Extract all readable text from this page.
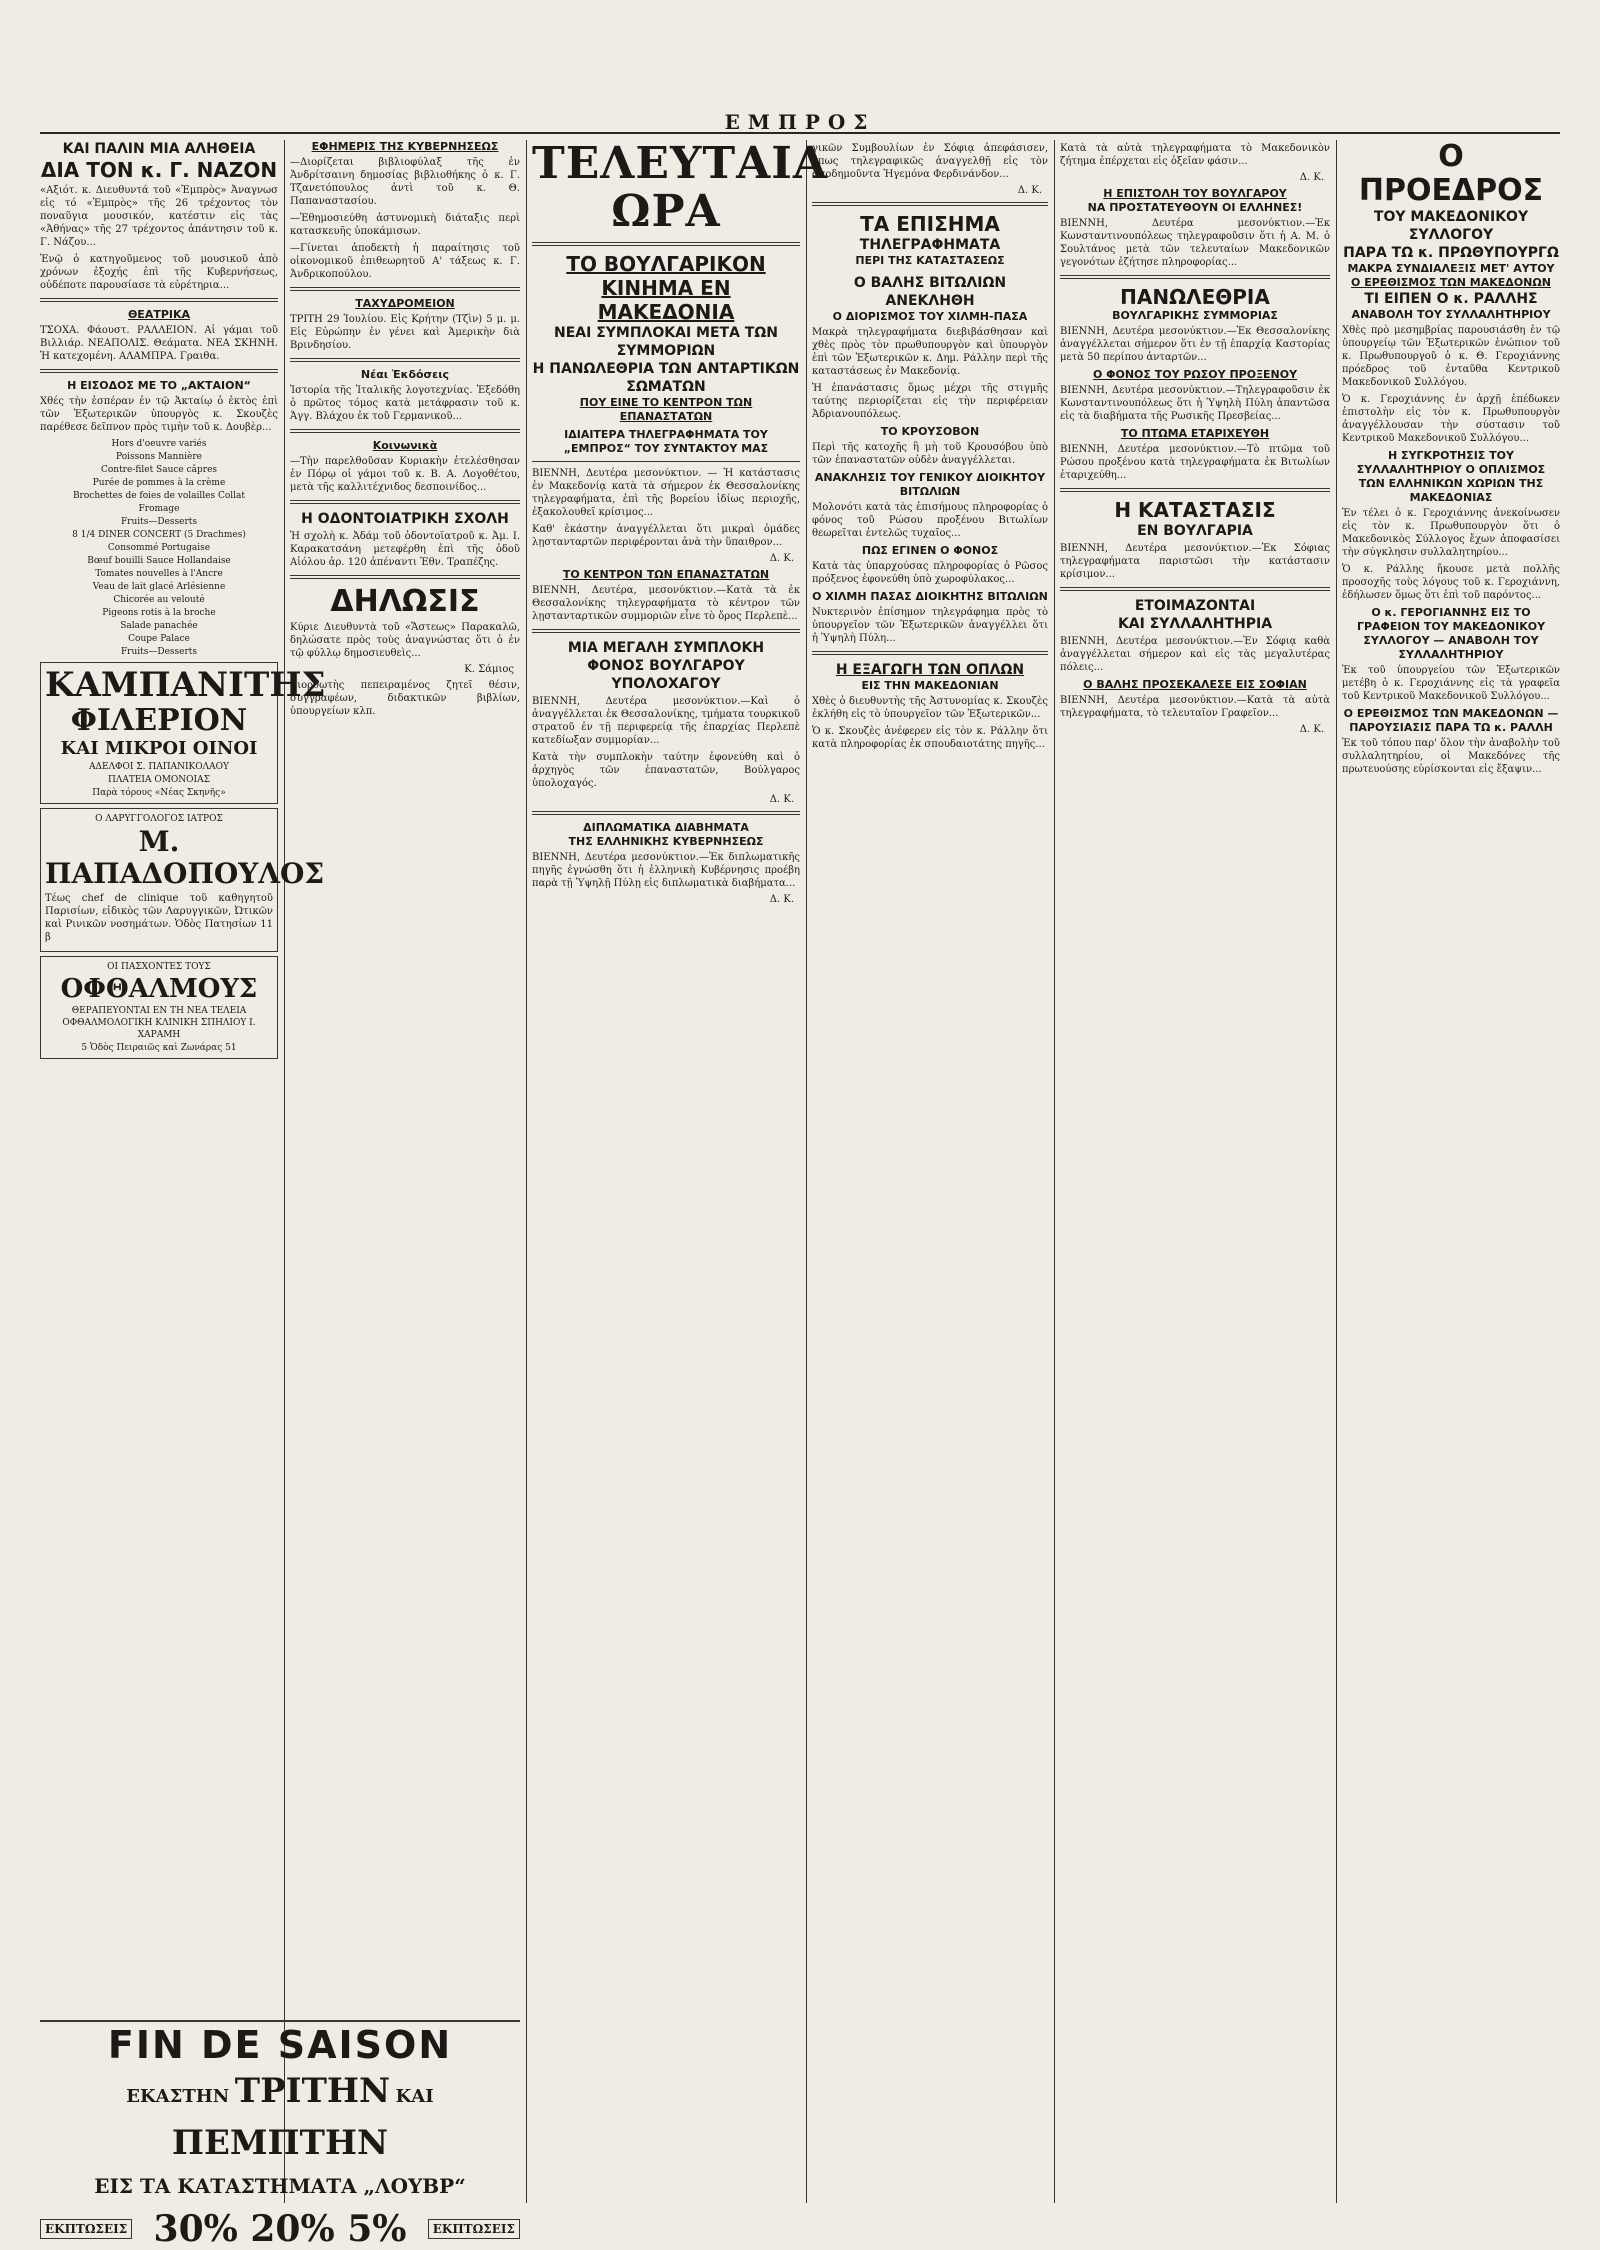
ΕΜΠΡΟΣ
ΚΑΙ ΠΑΛΙΝ ΜΙΑ ΑΛΗΘΕΙΑ
ΔΙΑ ΤΟΝ κ. Γ. ΝΑΖΟΝ

«Αξιότ. κ. Διευθυντά τοῦ «Ἐμπρὸς» Ἀναγνωσ εἰς τό «Ἐμπρὸς» τῆς 26 τρέχοντος τὸν ποναῦγια μουσικόν, κατέστιν εἰς τὰς «Ἀθήνας» τῆς 27 τρέχοντος ἀπάντησιν τοῦ κ. Γ. Νάζου...

Ἐνῷ ὁ κατηγοῦμενος τοῦ μουσικοῦ ἀπὸ χρόνων ἐξοχής ἐπὶ τῆς Κυβερνήσεως, οὐδέποτε παρουσίασε τὰ εὐρέτηρια...

ΘΕΑΤΡΙΚΑ

ΤΣΟΧΑ. Φάουστ. ΡΑΛΛΕΙΟΝ. Αἱ γάμαι τοῦ Βιλλιάρ. ΝΕΑΠΟΛΙΣ. Θεάματα. ΝΕΑ ΣΚΗΝΗ. Ἡ κατεχομένη. ΑΛΑΜΠΡΑ. Γραιθα.

Η ΕΙΣΟΔΟΣ ΜΕ ΤΟ „ΑΚΤΑΙΟΝ“

Χθές τὴν ἑσπέραν ἐν τῷ Ἀκταίῳ ὁ ἐκτὸς ἐπὶ τῶν Ἐξωτερικῶν ὑπουργὸς κ. Σκουζὲς παρέθεσε δεῖπνον πρὸς τιμὴν τοῦ κ. Δουβὲρ...

Hors d'oeuvre variés
Poissons Mannière
Contre-filet Sauce câpres
Purée de pommes à la crème
Brochettes de foies de volailles Collat
Fromage
Fruits—Desserts
8 1/4 DINER CONCERT (5 Drachmes)
Consommé Portugaise
Bœuf bouilli Sauce Hollandaise
Tomates nouvelles à l'Ancre
Veau de lait glacé Arlésienne
Chicorée au velouté
Pigeons rotis à la broche
Salade panachée
Coupe Palace
Fruits—Desserts
ΚΑΜΠΑΝΙΤΗΣ
ΦΙΛΕΡΙΟΝ
ΚΑΙ ΜΙΚΡΟΙ ΟΙΝΟΙ
ΑΔΕΛΦΟΙ Σ. ΠΑΠΑΝΙΚΟΛΑΟΥ
ΠΛΑΤΕΙΑ ΟΜΟΝΟΙΑΣ
Παρὰ τόρους «Νέας Σκηνῆς»
Ο ΛΑΡΥΓΓΟΛΟΓΟΣ ΙΑΤΡΟΣ
Μ. ΠΑΠΑΔΟΠΟΥΛΟΣ

Τέως chef de clinique τοῦ καθηγητοῦ Παρισίων, εἰδικὸς τῶν Λαρυγγικῶν, Ὠτικῶν καὶ Ρινικῶν νοσημάτων. Ὁδὸς Πατησίων 11 β

ΟΙ ΠΑΣΧΟΝΤΕΣ ΤΟΥΣ
ΟΦΘΑΛΜΟΥΣ
ΘΕΡΑΠΕΥΟΝΤΑΙ ΕΝ ΤΗ ΝΕΑ ΤΕΛΕΙΑ ΟΦΘΑΛΜΟΛΟΓΙΚΗ ΚΛΙΝΙΚΗ ΣΠΗΛΙΟΥ Ι. ΧΑΡΑΜΗ
5 Ὁδὸς Πειραιῶς καὶ Ζωνάρας 51
ΕΦΗΜΕΡΙΣ ΤΗΣ ΚΥΒΕΡΝΗΣΕΩΣ

—Διορίζεται βιβλιοφύλαξ τῆς ἐν Ἀνδρίτσαινη δημοσίας βιβλιοθήκης ὁ κ. Γ. Τζανετόπουλος ἀντὶ τοῦ κ. Θ. Παπαναστασίου.

—Ἐθημοσιεύθη ἀστυνομικὴ διάταξις περὶ κατασκευῆς ὑποκάμισων.

—Γίνεται ἀποδεκτὴ ἡ παραίτησις τοῦ οἰκονομικοῦ ἐπιθεωρητοῦ Α' τάξεως κ. Γ. Ἀνδρικοπούλου.

ΤΑΧΥΔΡΟΜΕΙΟΝ

ΤΡΙΤΗ 29 Ἰουλίου. Εἰς Κρήτην (Τζὶν) 5 μ. μ. Εἰς Εὐρώπην ἐν γένει καὶ Ἀμερικὴν διὰ Βρινδησίου.

Νέαι Ἐκδόσεις

Ἱστορία τῆς Ἰταλικῆς λογοτεχνίας. Ἐξεδόθη ὁ πρῶτος τόμος κατὰ μετάφρασιν τοῦ κ. Ἀγγ. Βλάχου ἐκ τοῦ Γερμανικοῦ...

Κοινωνικὰ

—Τὴν παρελθοῦσαν Κυριακὴν ἐτελέσθησαν ἐν Πόρῳ οἱ γάμοι τοῦ κ. Β. Α. Λογοθέτου, μετὰ τῆς καλλιτέχνιδος δεσποινίδος...

Η ΟΔΟΝΤΟΙΑΤΡΙΚΗ ΣΧΟΛΗ

Ἡ σχολὴ κ. Ἀδάμ τοῦ ὀδοντοϊατροῦ κ. Ἀμ. Ι. Καρακατσάνη μετεφέρθη ἐπὶ τῆς ὁδοῦ Αἰόλου ἀρ. 120 ἀπέναντι Ἐθν. Τραπέζης.

ΔΗΛΩΣΙΣ

Κύριε Διευθυντὰ τοῦ «Ἄστεως» Παρακαλῶ, δηλώσατε πρὸς τοὺς ἀναγνώστας ὅτι ὁ ἐν τῷ φύλλῳ δημοσιευθεὶς...

Κ. Σάμιος

Διορθωτὴς πεπειραμένος ζητεῖ θέσιν, συγγραφέων, διδακτικῶν βιβλίων, ὑπουργείων κλπ.

FIN DE SAISON
ΕΚΑΣΤΗΝ ΤΡΙΤΗΝ ΚΑΙ ΠΕΜΠΤΗΝ
ΕΙΣ ΤΑ ΚΑΤΑΣΤΗΜΑΤΑ „ΛΟΥΒΡ“
ΕΚΠΤΩΣΕΙΣ 30% 20% 5%	ΕΚΠΤΩΣΕΙΣ
ΤΕΛΕΥΤΑΙΑ ΩΡΑ
ΤΟ ΒΟΥΛΓΑΡΙΚΟΝ ΚΙΝΗΜΑ ΕΝ ΜΑΚΕΔΟΝΙΑ
ΝΕΑΙ ΣΥΜΠΛΟΚΑΙ ΜΕΤΑ ΤΩΝ ΣΥΜΜΟΡΙΩΝ
Η ΠΑΝΩΛΕΘΡΙΑ ΤΩΝ ΑΝΤΑΡΤΙΚΩΝ ΣΩΜΑΤΩΝ
ΠΟΥ ΕΙΝΕ ΤΟ ΚΕΝΤΡΟΝ ΤΩΝ ΕΠΑΝΑΣΤΑΤΩΝ
ΙΔΙΑΙΤΕΡΑ ΤΗΛΕΓΡΑΦΗΜΑΤΑ ΤΟΥ „ΕΜΠΡΟΣ“ ΤΟΥ ΣΥΝΤΑΚΤΟΥ ΜΑΣ

ΒΙΕΝΝΗ, Δευτέρα μεσονύκτιον. — Ἡ κατάστασις ἐν Μακεδονίᾳ κατὰ τὰ σήμερον ἐκ Θεσσαλονίκης τηλεγραφήματα, ἐπὶ τῆς βορείου ἰδίως περιοχῆς, ἐξακολουθεῖ κρίσιμος...

Καθ' ἑκάστην ἀναγγέλλεται ὅτι μικραὶ ὁμάδες λῃστανταρτῶν περιφέρονται ἀνὰ τὴν ὕπαιθρον...

Δ. Κ.
ΤΟ ΚΕΝΤΡΟΝ ΤΩΝ ΕΠΑΝΑΣΤΑΤΩΝ

ΒΙΕΝΝΗ, Δευτέρα, μεσονύκτιον.—Κατὰ τὰ ἐκ Θεσσαλονίκης τηλεγραφήματα τὸ κέντρον τῶν λῃστανταρτικῶν συμμοριῶν εἶνε τὸ ὄρος Περλεπὲ...

ΜΙΑ ΜΕΓΑΛΗ ΣΥΜΠΛΟΚΗ
ΦΟΝΟΣ ΒΟΥΛΓΑΡΟΥ ΥΠΟΛΟΧΑΓΟΥ

ΒΙΕΝΝΗ, Δευτέρα μεσονύκτιον.—Καὶ ὁ ἀναγγέλλεται ἐκ Θεσσαλονίκης, τμήματα τουρκικοῦ στρατοῦ ἐν τῇ περιφερείᾳ τῆς ἐπαρχίας Περλεπὲ κατεδίωξαν συμμορίαν...

Κατὰ τὴν συμπλοκὴν ταύτην ἐφονεύθη καὶ ὁ ἀρχηγὸς τῶν ἐπαναστατῶν, Βούλγαρος ὑπολοχαγός.

Δ. Κ.
ΔΙΠΛΩΜΑΤΙΚΑ ΔΙΑΒΗΜΑΤΑ
ΤΗΣ ΕΛΛΗΝΙΚΗΣ ΚΥΒΕΡΝΗΣΕΩΣ

ΒΙΕΝΝΗ, Δευτέρα μεσονύκτιον.—Ἐκ διπλωματικῆς πηγῆς ἐγνώσθη ὅτι ἡ ἑλληνικὴ Κυβέρνησις προέβη παρὰ τῇ Ὑψηλῇ Πύλῃ εἰς διπλωματικὰ διαβήματα...

Δ. Κ.

γικῶν Συμβουλίων ἐν Σόφιᾳ ἀπεφάσισεν, ὅπως τηλεγραφικῶς ἀναγγελθῇ εἰς τὸν ἀποδημοῦντα Ἡγεμόνα Φερδινάνδον...

Δ. Κ.
ΤΑ ΕΠΙΣΗΜΑ
ΤΗΛΕΓΡΑΦΗΜΑΤΑ
ΠΕΡΙ ΤΗΣ ΚΑΤΑΣΤΑΣΕΩΣ
Ο ΒΑΛΗΣ ΒΙΤΩΛΙΩΝ ΑΝΕΚΛΗΘΗ
Ο ΔΙΟΡΙΣΜΟΣ ΤΟΥ ΧΙΛΜΗ-ΠΑΣΑ

Μακρὰ τηλεγραφήματα διεβιβάσθησαν καὶ χθὲς πρὸς τὸν πρωθυπουργὸν καὶ ὑπουργὸν ἐπὶ τῶν Ἐξωτερικῶν κ. Δημ. Ράλλην περὶ τῆς καταστάσεως ἐν Μακεδονίᾳ.

Ἡ ἐπανάστασις ὅμως μέχρι τῆς στιγμῆς ταύτης περιορίζεται εἰς τὴν περιφέρειαν Ἀδριανουπόλεως.

ΤΟ ΚΡΟΥΣΟΒΟΝ

Περὶ τῆς κατοχῆς ἢ μὴ τοῦ Κρουσόβου ὑπὸ τῶν ἐπαναστατῶν οὐδὲν ἀναγγέλλεται.

ΑΝΑΚΛΗΣΙΣ ΤΟΥ ΓΕΝΙΚΟΥ ΔΙΟΙΚΗΤΟΥ ΒΙΤΩΛΙΩΝ

Μολονότι κατὰ τὰς ἐπισήμους πληροφορίας ὁ φόνος τοῦ Ρώσου προξένου Βιτωλίων θεωρεῖται ἐντελῶς τυχαῖος...

ΠΩΣ ΕΓΙΝΕΝ Ο ΦΟΝΟΣ

Κατὰ τὰς ὑπαρχούσας πληροφορίας ὁ Ρῶσος πρόξενος ἐφονεύθη ὑπὸ χωροφύλακος...

Ο ΧΙΛΜΗ ΠΑΣΑΣ ΔΙΟΙΚΗΤΗΣ ΒΙΤΩΛΙΩΝ

Νυκτερινὸν ἐπίσημον τηλεγράφημα πρὸς τὸ ὑπουργεῖον τῶν Ἐξωτερικῶν ἀναγγέλλει ὅτι ἡ Ὑψηλὴ Πύλη...

Η ΕΞΑΓΩΓΗ ΤΩΝ ΟΠΛΩΝ
ΕΙΣ ΤΗΝ ΜΑΚΕΔΟΝΙΑΝ

Χθὲς ὁ διευθυντὴς τῆς Ἀστυνομίας κ. Σκουζὲς ἐκλήθη εἰς τὸ ὑπουργεῖον τῶν Ἐξωτερικῶν...

Ὁ κ. Σκουζὲς ἀνέφερεν εἰς τὸν κ. Ράλλην ὅτι κατὰ πληροφορίας ἐκ σπουδαιοτάτης πηγῆς...

Κατὰ τὰ αὐτὰ τηλεγραφήματα τὸ Μακεδονικὸν ζήτημα ἐπέρχεται εἰς ὀξεῖαν φάσιν...

Δ. Κ.
Η ΕΠΙΣΤΟΛΗ ΤΟΥ ΒΟΥΛΓΑΡΟΥ
ΝΑ ΠΡΟΣΤΑΤΕΥΘΟΥΝ ΟΙ ΕΛΛΗΝΕΣ!

ΒΙΕΝΝΗ, Δευτέρα μεσονύκτιον.—Ἐκ Κωνσταντινουπόλεως τηλεγραφοῦσιν ὅτι ἡ Α. Μ. ὁ Σουλτάνος μετὰ τῶν τελευταίων Μακεδονικῶν γεγονότων ἐζήτησε πληροφορίας...

ΠΑΝΩΛΕΘΡΙΑ
ΒΟΥΛΓΑΡΙΚΗΣ ΣΥΜΜΟΡΙΑΣ

ΒΙΕΝΝΗ, Δευτέρα μεσονύκτιον.—Ἐκ Θεσσαλονίκης ἀναγγέλλεται σήμερον ὅτι ἐν τῇ ἐπαρχίᾳ Καστορίας μετὰ 50 περίπου ἀνταρτῶν...

Ο ΦΟΝΟΣ ΤΟΥ ΡΩΣΟΥ ΠΡΟΞΕΝΟΥ

ΒΙΕΝΝΗ, Δευτέρα μεσονύκτιον.—Τηλεγραφοῦσιν ἐκ Κωνσταντινουπόλεως ὅτι ἡ Ὑψηλὴ Πύλη ἀπαντῶσα εἰς τὰ διαβήματα τῆς Ρωσικῆς Πρεσβείας...

ΤΟ ΠΤΩΜΑ ΕΤΑΡΙΧΕΥΘΗ

ΒΙΕΝΝΗ, Δευτέρα μεσονύκτιον.—Τὸ πτῶμα τοῦ Ρώσου προξένου κατὰ τηλεγραφήματα ἐκ Βιτωλίων ἐταριχεύθη...

Η ΚΑΤΑΣΤΑΣΙΣ
ΕΝ ΒΟΥΛΓΑΡΙΑ

ΒΙΕΝΝΗ, Δευτέρα μεσονύκτιον.—Ἐκ Σόφιας τηλεγραφήματα παριστῶσι τὴν κατάστασιν κρίσιμον...

ΕΤΟΙΜΑΖΟΝΤΑΙ
ΚΑΙ ΣΥΛΛΑΛΗΤΗΡΙΑ

ΒΙΕΝΝΗ, Δευτέρα μεσονύκτιον.—Ἐν Σόφιᾳ καθὰ ἀναγγέλλεται σήμερον καὶ εἰς τὰς μεγαλυτέρας πόλεις...

Ο ΒΑΛΗΣ ΠΡΟΣΕΚΑΛΕΣΕ ΕΙΣ ΣΟΦΙΑΝ

ΒΙΕΝΝΗ, Δευτέρα μεσονύκτιον.—Κατὰ τὰ αὐτὰ τηλεγραφήματα, τὸ τελευταῖον Γραφεῖον...

Δ. Κ.
Ο ΠΡΟΕΔΡΟΣ
ΤΟΥ ΜΑΚΕΔΟΝΙΚΟΥ ΣΥΛΛΟΓΟΥ
ΠΑΡΑ ΤΩ κ. ΠΡΩΘΥΠΟΥΡΓΩ
ΜΑΚΡΑ ΣΥΝΔΙΑΛΕΞΙΣ ΜΕΤ' ΑΥΤΟΥ
Ο ΕΡΕΘΙΣΜΟΣ ΤΩΝ ΜΑΚΕΔΟΝΩΝ
ΤΙ ΕΙΠΕΝ Ο κ. ΡΑΛΛΗΣ
ΑΝΑΒΟΛΗ ΤΟΥ ΣΥΛΛΑΛΗΤΗΡΙΟΥ

Χθὲς πρὸ μεσημβρίας παρουσιάσθη ἐν τῷ ὑπουργείῳ τῶν Ἐξωτερικῶν ἐνώπιον τοῦ κ. Πρωθυπουργοῦ ὁ κ. Θ. Γεροχιάννης πρόεδρος τοῦ ἐνταῦθα Κεντρικοῦ Μακεδονικοῦ Συλλόγου.

Ὁ κ. Γεροχιάννης ἐν ἀρχῇ ἐπέδωκεν ἐπιστολὴν εἰς τὸν κ. Πρωθυπουργὸν ἀναγγέλλουσαν τὴν σύστασιν τοῦ Κεντρικοῦ Μακεδονικοῦ Συλλόγου...

Η ΣΥΓΚΡΟΤΗΣΙΣ ΤΟΥ ΣΥΛΛΑΛΗΤΗΡΙΟΥ Ο ΟΠΛΙΣΜΟΣ ΤΩΝ ΕΛΛΗΝΙΚΩΝ ΧΩΡΙΩΝ ΤΗΣ ΜΑΚΕΔΟΝΙΑΣ

Ἐν τέλει ὁ κ. Γεροχιάννης ἀνεκοίνωσεν εἰς τὸν κ. Πρωθυπουργὸν ὅτι ὁ Μακεδονικὸς Σύλλογος ἔχων ἀποφασίσει τὴν σύγκλησιν συλλαλητηρίου...

Ὁ κ. Ράλλης ἤκουσε μετὰ πολλῆς προσοχῆς τοὺς λόγους τοῦ κ. Γεροχιάννη, ἐδήλωσεν ὅμως ὅτι ἐπὶ τοῦ παρόντος...

Ο κ. ΓΕΡΟΓΙΑΝΝΗΣ ΕΙΣ ΤΟ ΓΡΑΦΕΙΟΝ ΤΟΥ ΜΑΚΕΔΟΝΙΚΟΥ ΣΥΛΛΟΓΟΥ — ΑΝΑΒΟΛΗ ΤΟΥ ΣΥΛΛΑΛΗΤΗΡΙΟΥ

Ἐκ τοῦ ὑπουργείου τῶν Ἐξωτερικῶν μετέβη ὁ κ. Γεροχιάννης εἰς τὰ γραφεῖα τοῦ Κεντρικοῦ Μακεδονικοῦ Συλλόγου...

Ο ΕΡΕΘΙΣΜΟΣ ΤΩΝ ΜΑΚΕΔΟΝΩΝ — ΠΑΡΟΥΣΙΑΣΙΣ ΠΑΡΑ ΤΩ κ. ΡΑΛΛΗ

Ἐκ τοῦ τόπου παρ' ὅλον τὴν ἀναβολὴν τοῦ συλλαλητηρίου, οἱ Μακεδόνες τῆς πρωτευούσης εὑρίσκονται εἰς ἔξαψιν...
